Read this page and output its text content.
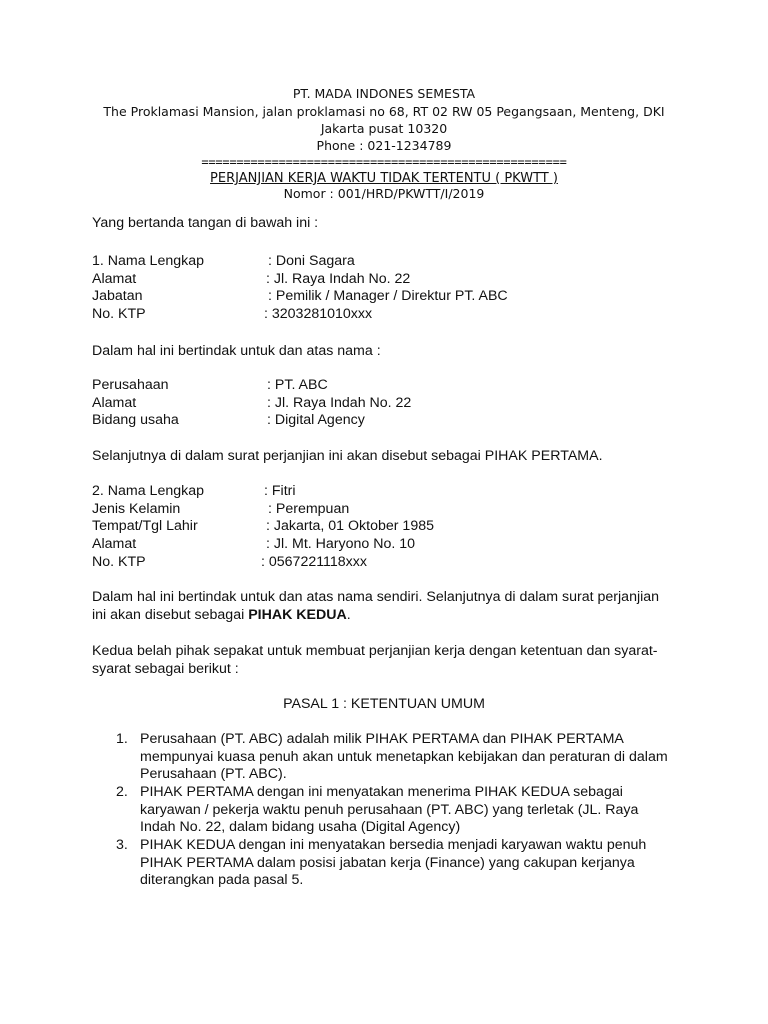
PT. MADA INDONES SEMESTA
The Proklamasi Mansion, jalan proklamasi no 68, RT 02 RW 05 Pegangsaan, Menteng, DKI
Jakarta pusat 10320
Phone : 021-1234789
====================================================
PERJANJIAN KERJA WAKTU TIDAK TERTENTU ( PKWTT )
Nomor : 001/HRD/PKWTT/I/2019
Yang bertanda tangan di bawah ini :
1. Nama Lengkap	: Doni Sagara
Alamat	: Jl. Raya Indah No. 22
Jabatan	: Pemilik / Manager / Direktur PT. ABC
No. KTP	: 3203281010xxx
Dalam hal ini bertindak untuk dan atas nama :
Perusahaan	: PT. ABC
Alamat	: Jl. Raya Indah No. 22
Bidang usaha	: Digital Agency
Selanjutnya di dalam surat perjanjian ini akan disebut sebagai PIHAK PERTAMA.
2. Nama Lengkap	: Fitri
Jenis Kelamin	: Perempuan
Tempat/Tgl Lahir	: Jakarta, 01 Oktober 1985
Alamat	: Jl. Mt. Haryono No. 10
No. KTP	: 0567221118xxx
Dalam hal ini bertindak untuk dan atas nama sendiri. Selanjutnya di dalam surat perjanjian
ini akan disebut sebagai PIHAK KEDUA.
Kedua belah pihak sepakat untuk membuat perjanjian kerja dengan ketentuan dan syarat-
syarat sebagai berikut :
PASAL 1 : KETENTUAN UMUM
1. Perusahaan (PT. ABC) adalah milik PIHAK PERTAMA dan PIHAK PERTAMA
mempunyai kuasa penuh akan untuk menetapkan kebijakan dan peraturan di dalam
Perusahaan (PT. ABC).
2. PIHAK PERTAMA dengan ini menyatakan menerima PIHAK KEDUA sebagai
karyawan / pekerja waktu penuh perusahaan (PT. ABC) yang terletak (JL. Raya
Indah No. 22, dalam bidang usaha (Digital Agency)
3. PIHAK KEDUA dengan ini menyatakan bersedia menjadi karyawan waktu penuh
PIHAK PERTAMA dalam posisi jabatan kerja (Finance) yang cakupan kerjanya
diterangkan pada pasal 5.
